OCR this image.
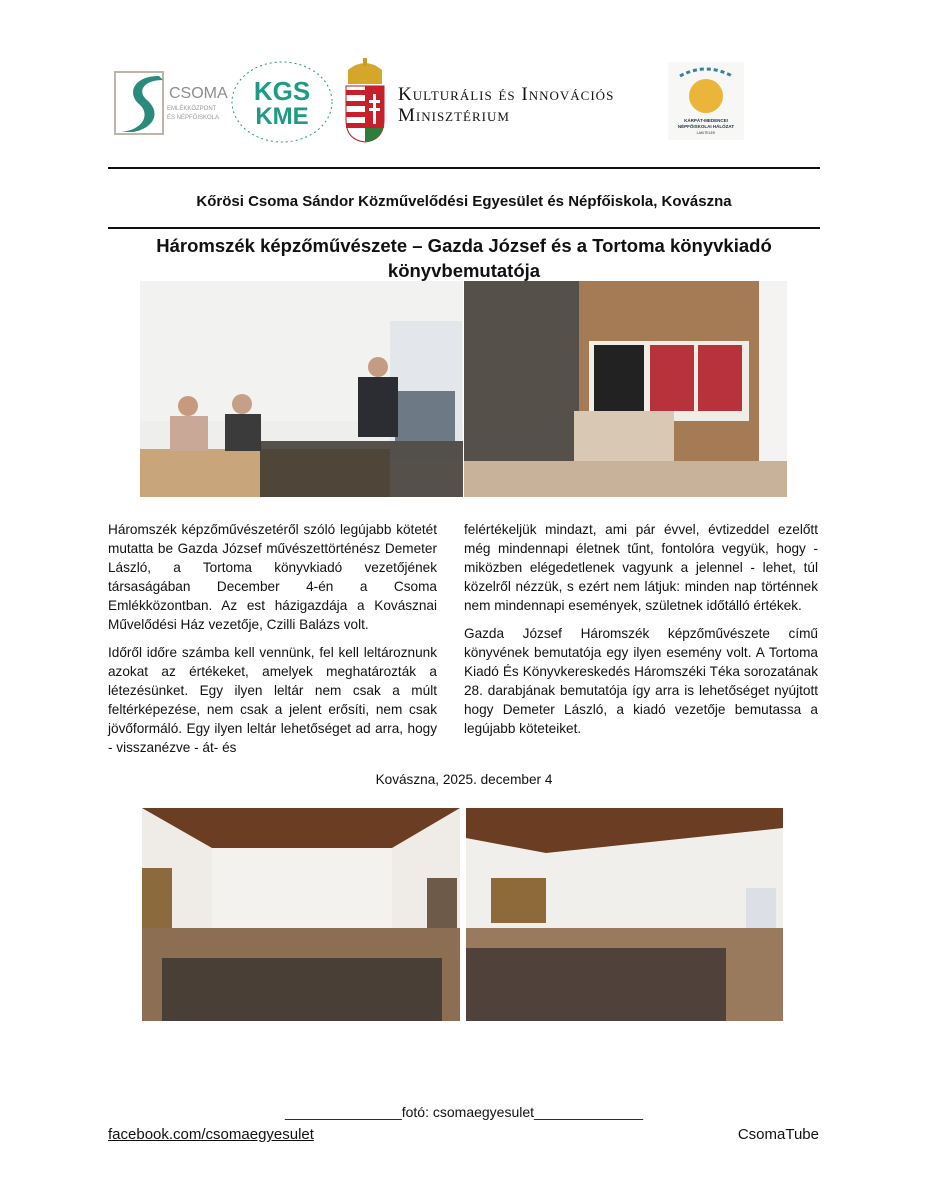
CSOMA
EMLÉKKÖZPONT
ÉS NÉPFŐISKOLA
KGS
KME
Kulturális és Innovációs
Minisztérium	KÁRPÁT-MEDENCEI
NÉPFŐISKOLAI HÁLÓZAT
LAKITELEK
Kőrösi Csoma Sándor Közművelődési Egyesület és Népfőiskola, Kovászna
Háromszék képzőművészete – Gazda József és a Tortoma könyvkiadó könyvbemutatója

Háromszék képzőművészetéről szóló legújabb kötetét mutatta be Gazda József művészettörténész Demeter László, a Tortoma könyvkiadó vezetőjének társaságában December 4-én a Csoma Emlékközontban. Az est házigazdája a Kovásznai Művelődési Ház vezetője, Czilli Balázs volt.

Időről időre számba kell vennünk, fel kell leltároznunk azokat az értékeket, amelyek meghatározták a létezésünket. Egy ilyen leltár nem csak a múlt feltérképezése, nem csak a jelent erősíti, nem csak jövőformáló. Egy ilyen leltár lehetőséget ad arra, hogy - visszanézve - át- és

felértékeljük mindazt, ami pár évvel, évtizeddel ezelőtt még mindennapi életnek tűnt, fontolóra vegyük, hogy - miközben elégedetlenek vagyunk a jelennel - lehet, túl közelről nézzük, s ezért nem látjuk: minden nap történnek nem mindennapi események, születnek időtálló értékek.

Gazda József Háromszék képzőművészete című könyvének bemutatója egy ilyen esemény volt. A Tortoma Kiadó És Könyvkereskedés Háromszéki Téka sorozatának 28. darabjának bemutatója így arra is lehetőséget nyújtott hogy Demeter László, a kiadó vezetője bemutassa a legújabb köteteiket.

Kovászna, 2025. december 4
_______________fotó: csomaegyesulet______________
facebook.com/csomaegyesulet	CsomaTube
